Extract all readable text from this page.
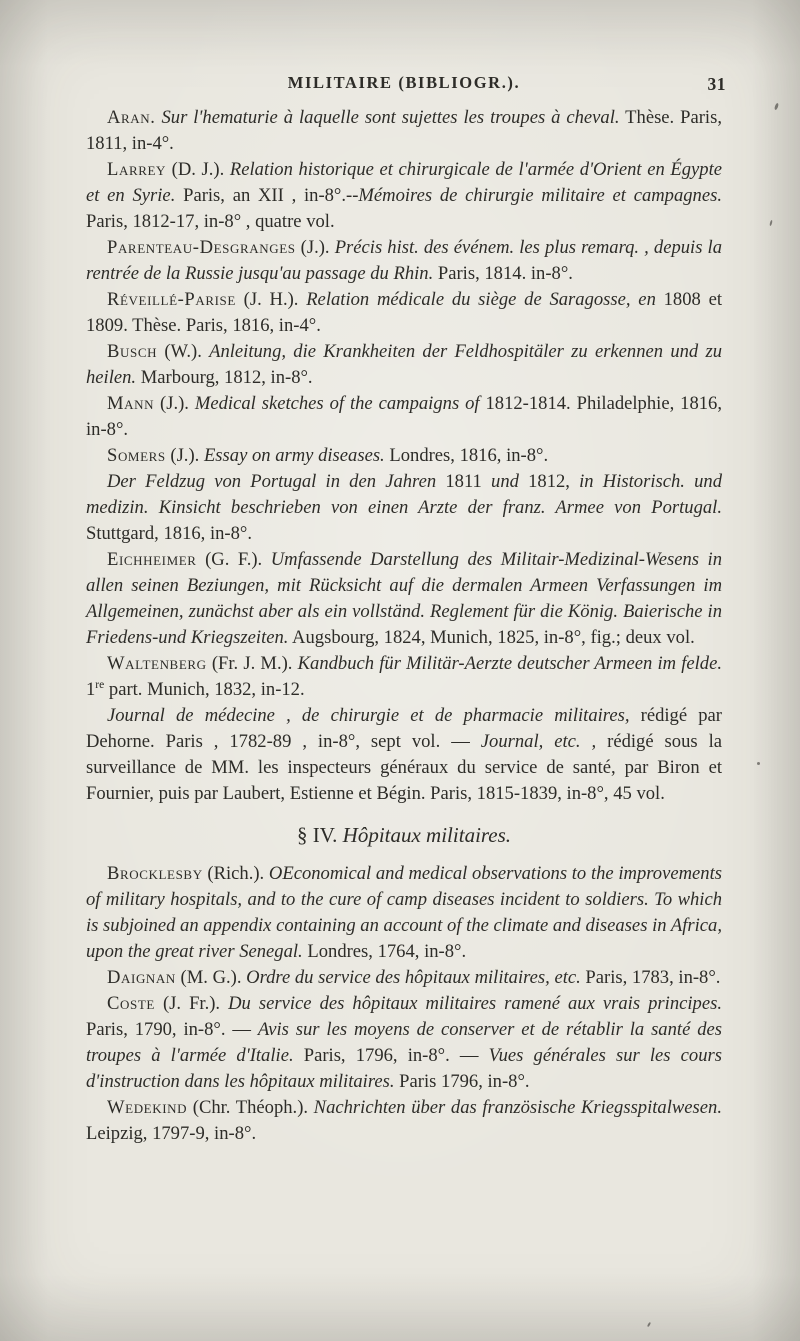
MILITAIRE (BIBLIOGR.).	31

Aran. Sur l'hematurie à laquelle sont sujettes les troupes à cheval. Thèse. Paris, 1811, in-4°.

Larrey (D. J.). Relation historique et chirurgicale de l'armée d'Orient en Égypte et en Syrie. Paris, an XII , in-8°.--Mémoires de chirurgie militaire et campagnes. Paris, 1812-17, in-8° , quatre vol.

Parenteau-Desgranges (J.). Précis hist. des événem. les plus remarq. , depuis la rentrée de la Russie jusqu'au passage du Rhin. Paris, 1814. in-8°.

Réveillé-Parise (J. H.). Relation médicale du siège de Saragosse, en 1808 et 1809. Thèse. Paris, 1816, in-4°.

Busch (W.). Anleitung, die Krankheiten der Feldhospitäler zu erkennen und zu heilen. Marbourg, 1812, in-8°.

Mann (J.). Medical sketches of the campaigns of 1812-1814. Philadelphie, 1816, in-8°.

Somers (J.). Essay on army diseases. Londres, 1816, in-8°.

Der Feldzug von Portugal in den Jahren 1811 und 1812, in Historisch. und medizin. Kinsicht beschrieben von einen Arzte der franz. Armee von Portugal. Stuttgard, 1816, in-8°.

Eichheimer (G. F.). Umfassende Darstellung des Militair-Medizinal-Wesens in allen seinen Beziungen, mit Rücksicht auf die dermalen Armeen Verfassungen im Allgemeinen, zunächst aber als ein vollständ. Reglement für die König. Baierische in Friedens-und Kriegszeiten. Augsbourg, 1824, Munich, 1825, in-8°, fig.; deux vol.

Waltenberg (Fr. J. M.). Kandbuch für Militär-Aerzte deutscher Armeen im felde. 1re part. Munich, 1832, in-12.

Journal de médecine , de chirurgie et de pharmacie militaires, rédigé par Dehorne. Paris , 1782-89 , in-8°, sept vol. — Journal, etc. , rédigé sous la surveillance de MM. les inspecteurs généraux du service de santé, par Biron et Fournier, puis par Laubert, Estienne et Bégin. Paris, 1815-1839, in-8°, 45 vol.

§ IV. Hôpitaux militaires.

Brocklesby (Rich.). OEconomical and medical observations to the improvements of military hospitals, and to the cure of camp diseases incident to soldiers. To which is subjoined an appendix containing an account of the climate and diseases in Africa, upon the great river Senegal. Londres, 1764, in-8°.

Daignan (M. G.). Ordre du service des hôpitaux militaires, etc. Paris, 1783, in-8°.

Coste (J. Fr.). Du service des hôpitaux militaires ramené aux vrais principes. Paris, 1790, in-8°. — Avis sur les moyens de conserver et de rétablir la santé des troupes à l'armée d'Italie. Paris, 1796, in-8°. — Vues générales sur les cours d'instruction dans les hôpitaux militaires. Paris 1796, in-8°.

Wedekind (Chr. Théoph.). Nachrichten über das französische Kriegsspitalwesen. Leipzig, 1797-9, in-8°.
